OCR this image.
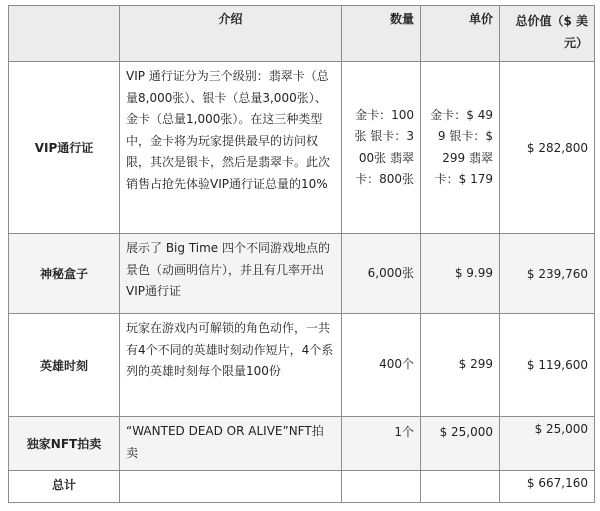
	介绍	数量	单价	总价值（$ 美元）
VIP通行证	VIP 通行证分为三个级别：翡翠卡（总量8,000张）、银卡（总量3,000张）、金卡（总量1,000张）。在这三种类型中，金卡将为玩家提供最早的访问权限，其次是银卡，然后是翡翠卡。此次销售占抢先体验VIP通行证总量的10%	金卡：100张 银卡：300张 翡翠卡：800张	金卡：$ 499 银卡：$ 299 翡翠卡：$ 179	$ 282,800
神秘盒子	展示了 Big Time 四个不同游戏地点的景色（动画明信片），并且有几率开出VIP通行证	6,000张	$ 9.99	$ 239,760
英雄时刻	玩家在游戏内可解锁的角色动作，一共有4个不同的英雄时刻动作短片，4个系列的英雄时刻每个限量100份	400个	$ 299	$ 119,600
独家NFT拍卖	“WANTED DEAD OR ALIVE”NFT拍卖	1个	$ 25,000	$ 25,000
总计				$ 667,160
